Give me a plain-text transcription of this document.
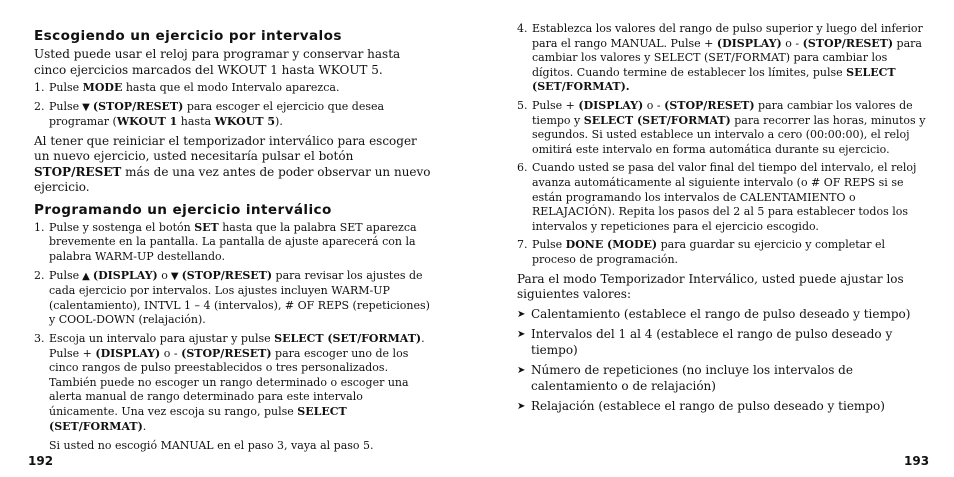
Escogiendo un ejercicio por intervalos

Usted puede usar el reloj para programar y conservar hasta cinco ejercicios marcados del WKOUT 1 hasta WKOUT 5.

1. Pulse MODE hasta que el modo Intervalo aparezca.
2. Pulse ▼ (STOP/RESET) para escoger el ejercicio que desea programar (WKOUT 1 hasta WKOUT 5).

Al tener que reiniciar el temporizador interválico para escoger un nuevo ejercicio, usted necesitaría pulsar el botón STOP/RESET más de una vez antes de poder observar un nuevo ejercicio.

Programando un ejercicio interválico
1. Pulse y sostenga el botón SET hasta que la palabra SET aparezca brevemente en la pantalla. La pantalla de ajuste aparecerá con la palabra WARM-UP destellando.
2. Pulse ▲ (DISPLAY) o ▼ (STOP/RESET) para revisar los ajustes de cada ejercicio por intervalos. Los ajustes incluyen WARM-UP (calentamiento), INTVL 1 – 4 (intervalos), # OF REPS (repeticiones) y COOL-DOWN (relajación).
3. Escoja un intervalo para ajustar y pulse SELECT (SET/FORMAT). Pulse + (DISPLAY) o - (STOP/RESET) para escoger uno de los cinco rangos de pulso preestablecidos o tres personalizados. También puede no escoger un rango determinado o escoger una alerta manual de rango determinado para este intervalo únicamente. Una vez escoja su rango, pulse SELECT (SET/FORMAT).
Si usted no escogió MANUAL en el paso 3, vaya al paso 5.
4. Establezca los valores del rango de pulso superior y luego del inferior para el rango MANUAL. Pulse + (DISPLAY) o - (STOP/RESET) para cambiar los valores y SELECT (SET/FORMAT) para cambiar los dígitos. Cuando termine de establecer los límites, pulse SELECT (SET/FORMAT).
5. Pulse + (DISPLAY) o - (STOP/RESET) para cambiar los valores de tiempo y SELECT (SET/FORMAT) para recorrer las horas, minutos y segundos. Si usted establece un intervalo a cero (00:00:00), el reloj omitirá este intervalo en forma automática durante su ejercicio.
6. Cuando usted se pasa del valor final del tiempo del intervalo, el reloj avanza automáticamente al siguiente intervalo (o # OF REPS si se están programando los intervalos de CALENTAMIENTO o RELAJACIÓN). Repita los pasos del 2 al 5 para establecer todos los intervalos y repeticiones para el ejercicio escogido.
7. Pulse DONE (MODE) para guardar su ejercicio y completar el proceso de programación.

Para el modo Temporizador Interválico, usted puede ajustar los siguientes valores:

➤ Calentamiento (establece el rango de pulso deseado y tiempo)
➤ Intervalos del 1 al 4 (establece el rango de pulso deseado y tiempo)
➤ Número de repeticiones (no incluye los intervalos de calentamiento o de relajación)
➤ Relajación (establece el rango de pulso deseado y tiempo)
192	193
